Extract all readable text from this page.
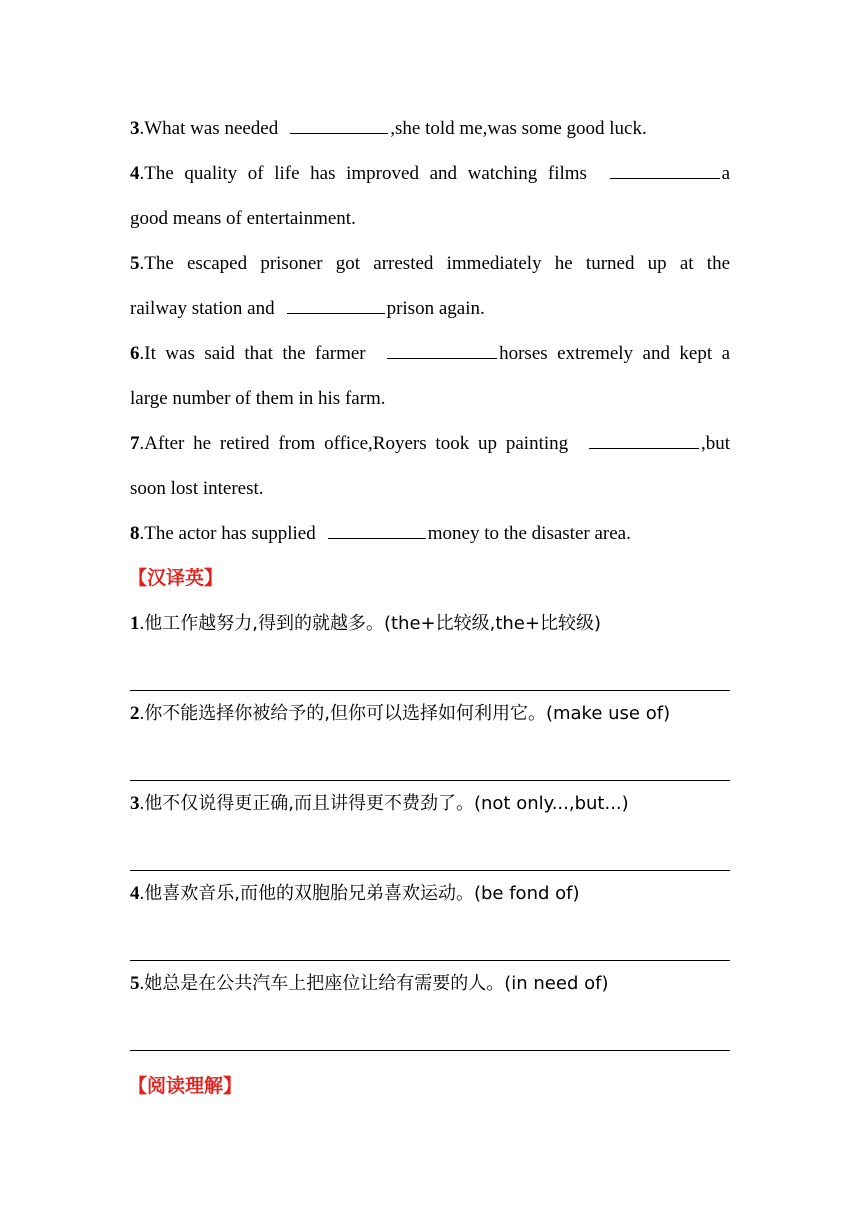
3.What was needed	,she told me,was some good luck.
4.The quality of life has improved and watching films	a
good means of entertainment.
5.The escaped prisoner got arrested immediately he turned up at the
railway station and	prison again.
6.It was said that the farmer	horses extremely and kept a
large number of them in his farm.
7.After he retired from office,Royers took up painting	,but
soon lost interest.
8.The actor has supplied	money to the disaster area.
【汉译英】
1.他工作越努力,得到的就越多。(the+比较级,the+比较级)
2.你不能选择你被给予的,但你可以选择如何利用它。(make use of)
3.他不仅说得更正确,而且讲得更不费劲了。(not only...,but...)
4.他喜欢音乐,而他的双胞胎兄弟喜欢运动。(be fond of)
5.她总是在公共汽车上把座位让给有需要的人。(in need of)
【阅读理解】
